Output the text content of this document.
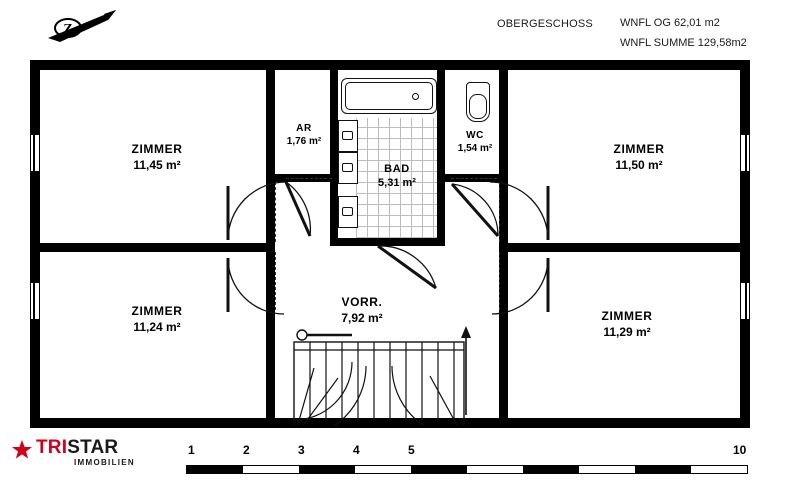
Z	OBERGESCHOSS WNFL OG 62,01 m2
WNFL SUMME 129,58m2
ZIMMER
11,45 m²
ZIMMER
11,50 m²
ZIMMER
11,24 m²
ZIMMER
11,29 m²
AR
1,76 m²
WC
1,54 m²
BAD
5,31 m²
VORR.
7,92 m²
1	2	3	4	5	10
TRISTAR
IMMOBILIEN
